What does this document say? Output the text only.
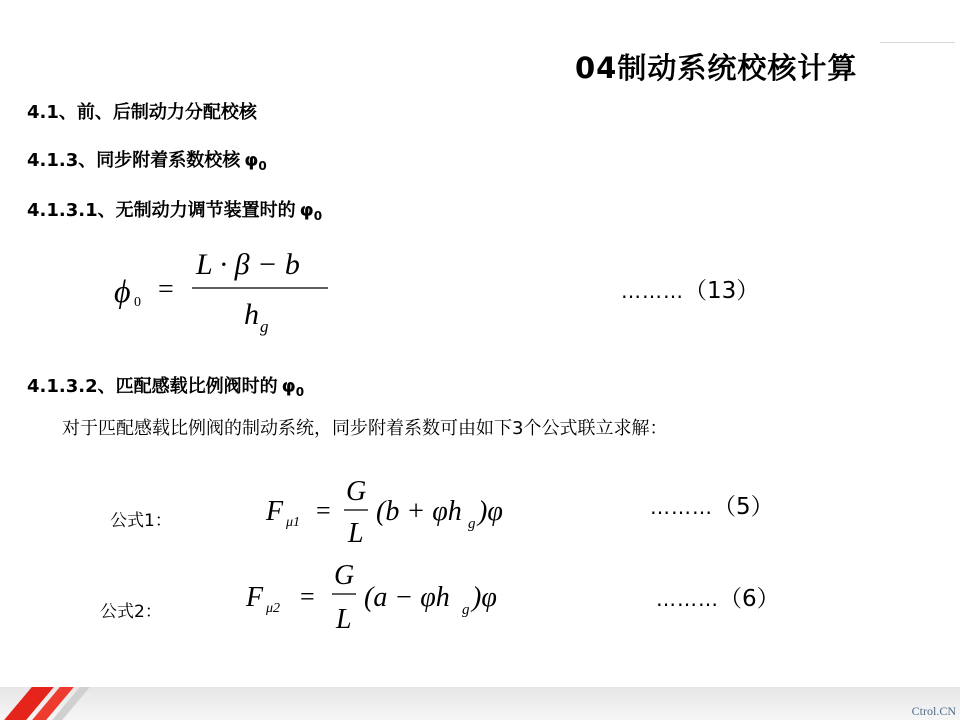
04制动系统校核计算
4.1、前、后制动力分配校核
4.1.3、同步附着系数校核 $\varphi_0$
4.1.3.1、无制动力调节装置时的 $\varphi_0$
ϕ 0 =
L · β − b
h g
………（13）
4.1.3.2、匹配感载比例阀时的 $\varphi_0$
对于匹配感载比例阀的制动系统，同步附着系数可由如下3个公式联立求解：
公式1：	F μ1 =
G
L
(b + φh g )φ	………（5）
公式2：	F μ2 =
G
L
(a − φh g )φ	………（6）
Ctrol.CN
